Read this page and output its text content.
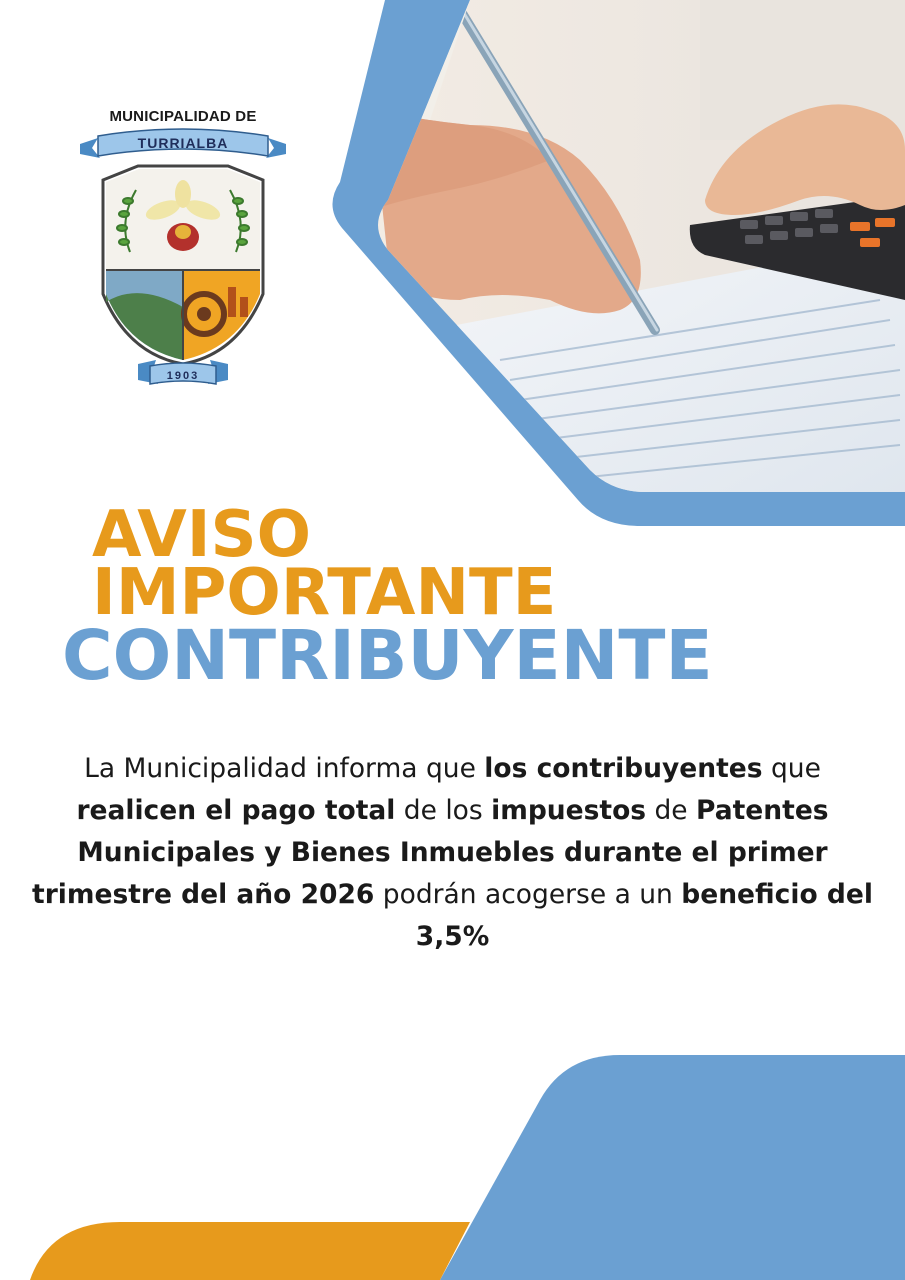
MUNICIPALIDAD DE
TURRIALBA
1903
AVISO
IMPORTANTE
CONTRIBUYENTE
La Municipalidad informa que los contribuyentes que realicen el pago total de los impuestos de Patentes Municipales y Bienes Inmuebles durante el primer trimestre del año 2026 podrán acogerse a un beneficio del 3,5%
